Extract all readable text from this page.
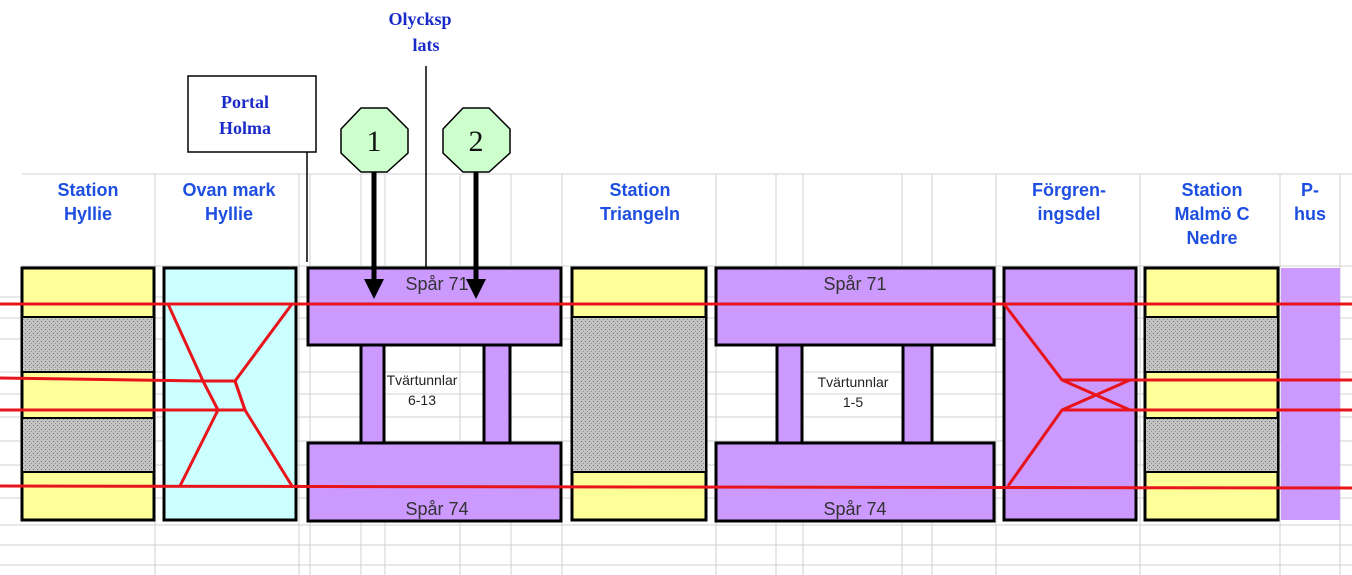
Station
Hyllie
Ovan mark
Hyllie
Station
Triangeln
Förgren-
ingsdel
Station
Malmö C
Nedre
P-
hus
Olycksp
lats
Portal
Holma
Spår 71
Spår 74
Tvärtunnlar
6-13
Spår 71
Spår 74
Tvärtunnlar
1-5
1	2
